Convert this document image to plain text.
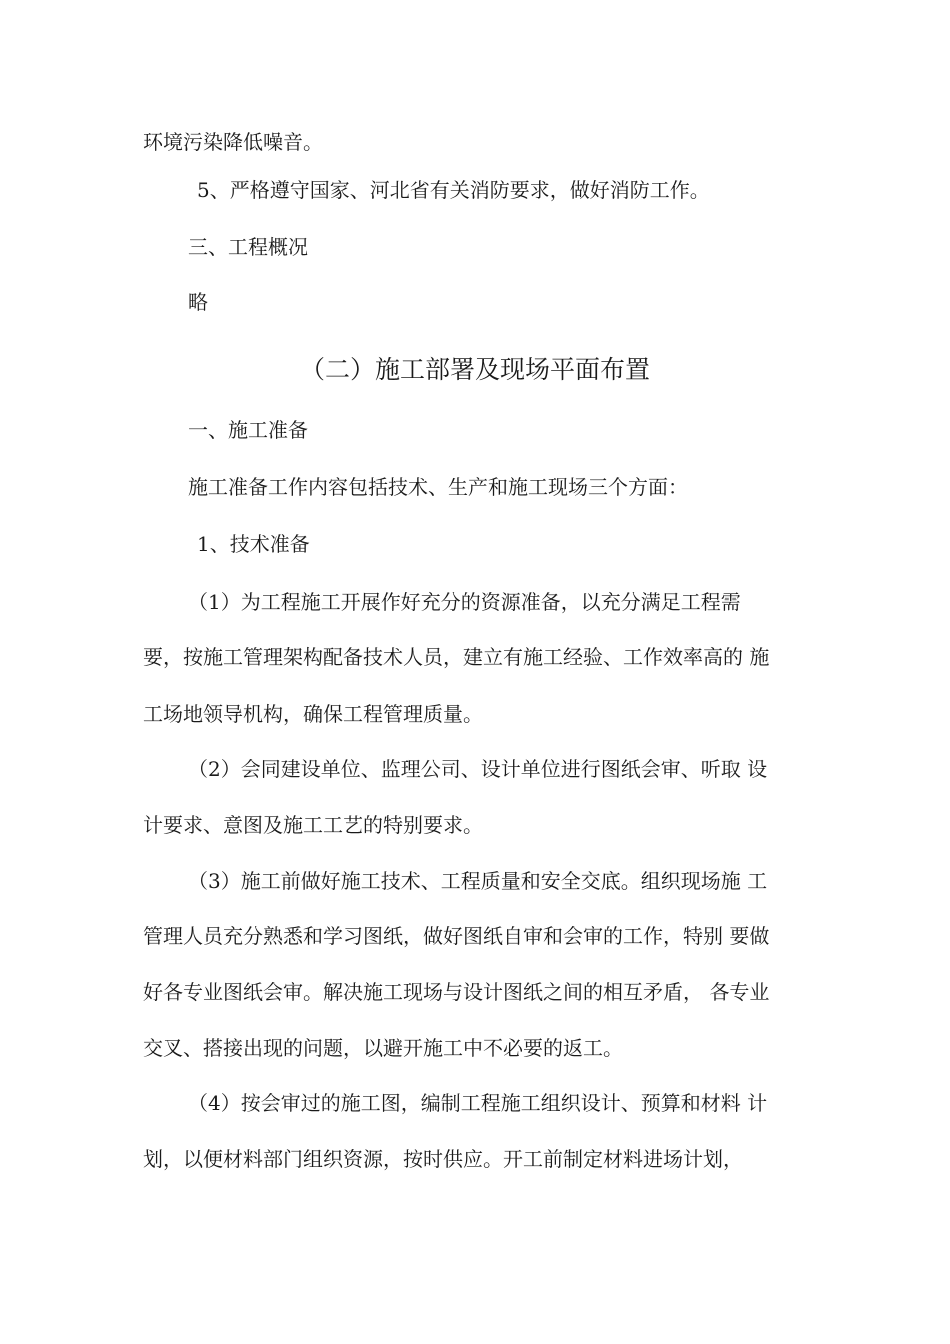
环境污染降低噪音。
5、严格遵守国家、河北省有关消防要求，做好消防工作。
三、工程概况
略
（二）施工部署及现场平面布置
一、施工准备
施工准备工作内容包括技术、生产和施工现场三个方面：
1、技术准备
（1）为工程施工开展作好充分的资源准备，以充分满足工程需
要，按施工管理架构配备技术人员，建立有施工经验、工作效率高的 施
工场地领导机构，确保工程管理质量。
（2）会同建设单位、监理公司、设计单位进行图纸会审、听取 设
计要求、意图及施工工艺的特别要求。
（3）施工前做好施工技术、工程质量和安全交底。组织现场施 工
管理人员充分熟悉和学习图纸，做好图纸自审和会审的工作，特别 要做
好各专业图纸会审。解决施工现场与设计图纸之间的相互矛盾， 各专业
交叉、搭接出现的问题，以避开施工中不必要的返工。
（4）按会审过的施工图，编制工程施工组织设计、预算和材料 计
划，以便材料部门组织资源，按时供应。开工前制定材料进场计划，
